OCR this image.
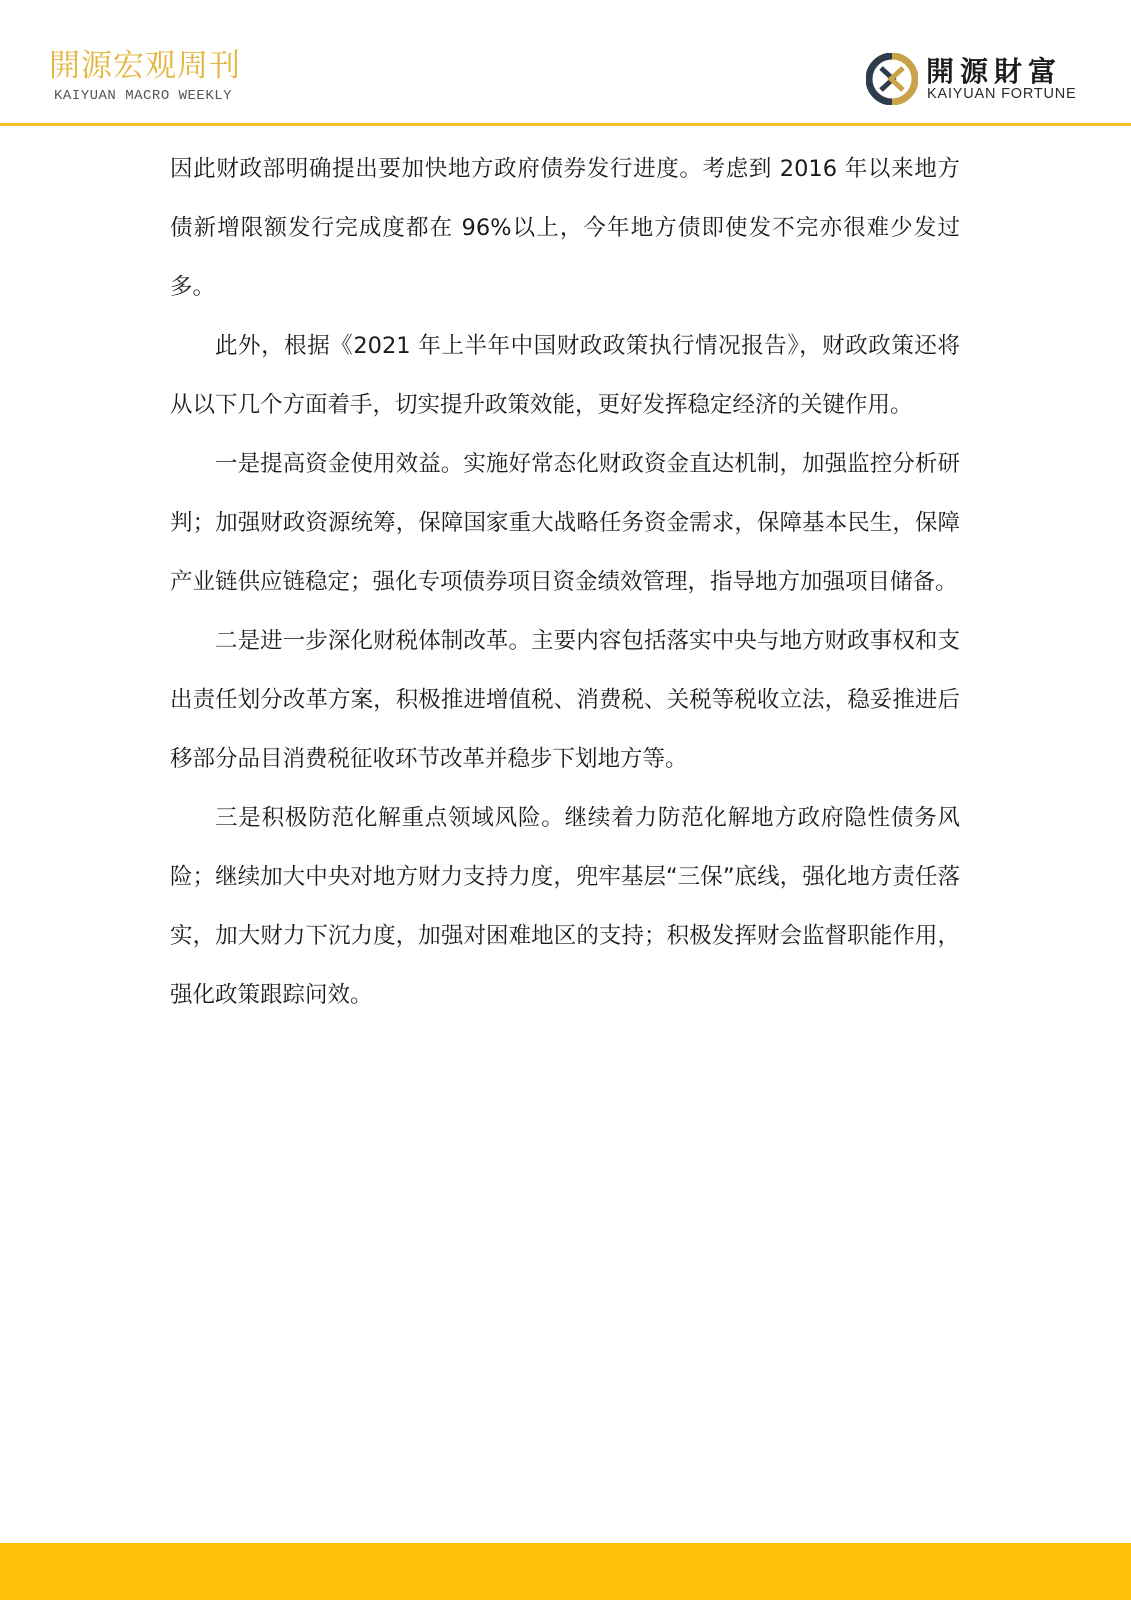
開源宏观周刊
KAIYUAN MACRO WEEKLY
開源財富
KAIYUAN FORTUNE

因此财政部明确提出要加快地方政府债券发行进度。考虑到 2016 年以来地方债新增限额发行完成度都在 96%以上，今年地方债即使发不完亦很难少发过多。

此外，根据《2021 年上半年中国财政政策执行情况报告》，财政政策还将从以下几个方面着手，切实提升政策效能，更好发挥稳定经济的关键作用。

一是提高资金使用效益。实施好常态化财政资金直达机制，加强监控分析研判；加强财政资源统筹，保障国家重大战略任务资金需求，保障基本民生，保障产业链供应链稳定；强化专项债券项目资金绩效管理，指导地方加强项目储备。

二是进一步深化财税体制改革。主要内容包括落实中央与地方财政事权和支出责任划分改革方案，积极推进增值税、消费税、关税等税收立法，稳妥推进后移部分品目消费税征收环节改革并稳步下划地方等。

三是积极防范化解重点领域风险。继续着力防范化解地方政府隐性债务风险；继续加大中央对地方财力支持力度，兜牢基层“三保”底线，强化地方责任落实，加大财力下沉力度，加强对困难地区的支持；积极发挥财会监督职能作用，强化政策跟踪问效。
